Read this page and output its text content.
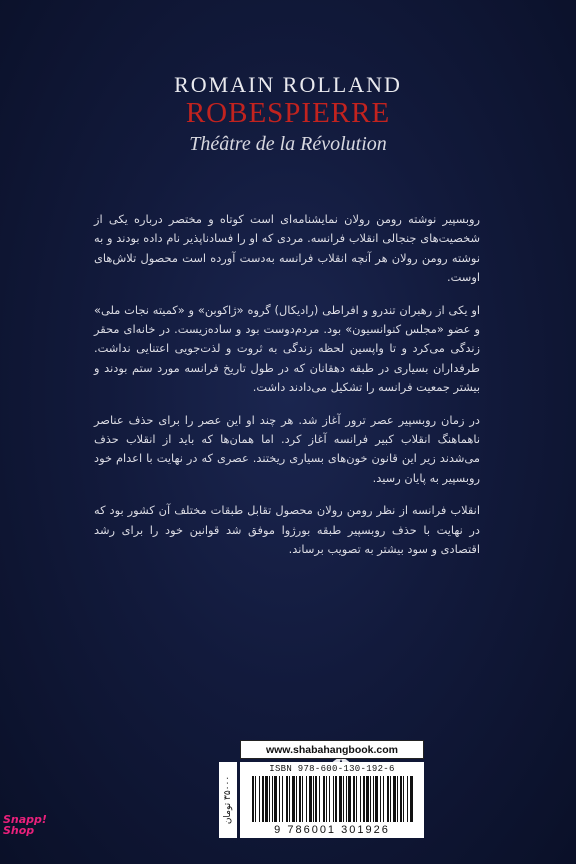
ROMAIN ROLLAND
ROBESPIERRE
Théâtre de la Révolution

روبسپیر نوشته رومن رولان نمایشنامه‌ای است کوتاه و مختصر درباره یکی از شخصیت‌های جنجالی انقلاب فرانسه. مردی که او را فسادناپذیر نام داده بودند و به نوشته رومن رولان هر آنچه انقلاب فرانسه به‌دست آورده است محصول تلاش‌های اوست.

او یکی از رهبران تندرو و افراطی (رادیکال) گروه «ژاکوبن» و «کمیته نجات ملی» و عضو «مجلس کنوانسیون» بود. مردم‌دوست بود و ساده‌زیست. در خانه‌ای محقر زندگی می‌کرد و تا واپسین لحظه زندگی به ثروت و لذت‌جویی اعتنایی نداشت. طرفداران بسیاری در طبقه دهقانان که در طول تاریخ فرانسه مورد ستم بودند و بیشتر جمعیت فرانسه را تشکیل می‌دادند داشت.

در زمان روبسپیر عصر ترور آغاز شد. هر چند او این عصر را برای حذف عناصر ناهماهنگ انقلاب کبیر فرانسه آغاز کرد. اما همان‌ها که باید از انقلاب حذف می‌شدند زیر این قانون خون‌های بسیاری ریختند. عصری که در نهایت با اعدام خود روبسپیر به پایان رسید.

انقلاب فرانسه از نظر رومن رولان محصول تقابل طبقات مختلف آن کشور بود که در نهایت با حذف روبسپیر طبقه بورژوا موفق شد قوانین خود را برای رشد اقتصادی و سود بیشتر به تصویب برساند.

www.shabahangbook.com
۳۵۰۰۰ تومان
ISBN 978-600-130-192-6
9 786001 301926
Snapp!
Shop
